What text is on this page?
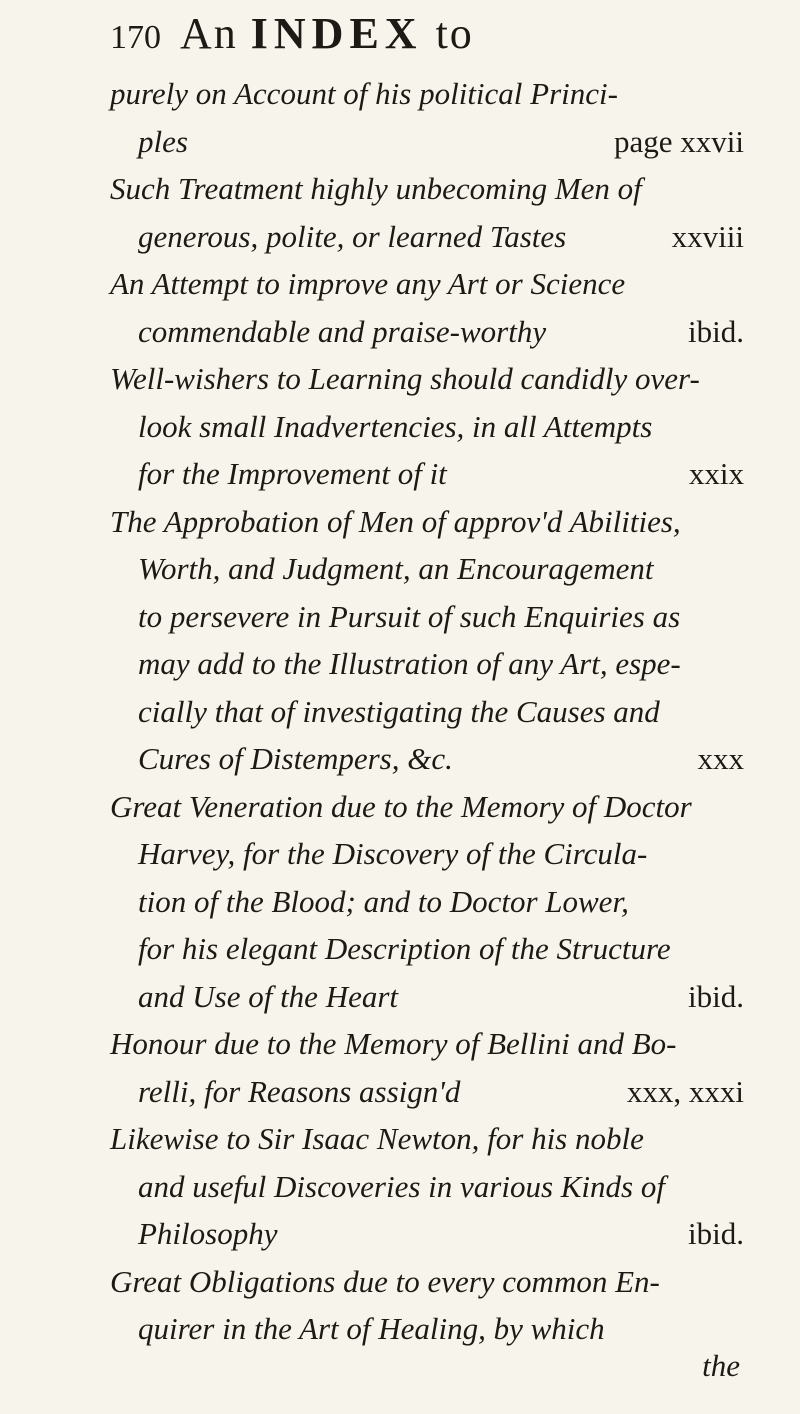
170 An INDEX to
purely on Account of his political Princi-
page xxvii
ples
Such Treatment highly unbecoming Men of
xxviii
generous, polite, or learned Tastes
An Attempt to improve any Art or Science
ibid.
commendable and praise-worthy
Well-wishers to Learning should candidly over-
look small Inadvertencies, in all Attempts
xxix
for the Improvement of it
The Approbation of Men of approv'd Abilities,
Worth, and Judgment, an Encouragement
to persevere in Pursuit of such Enquiries as
may add to the Illustration of any Art, espe-
cially that of investigating the Causes and
xxx
Cures of Distempers, &c.
Great Veneration due to the Memory of Doctor
Harvey, for the Discovery of the Circula-
tion of the Blood; and to Doctor Lower,
for his elegant Description of the Structure
ibid.
and Use of the Heart
Honour due to the Memory of Bellini and Bo-
xxx, xxxi
relli, for Reasons assign'd
Likewise to Sir Isaac Newton, for his noble
and useful Discoveries in various Kinds of
ibid.
Philosophy
Great Obligations due to every common En-
quirer in the Art of Healing, by which
the
